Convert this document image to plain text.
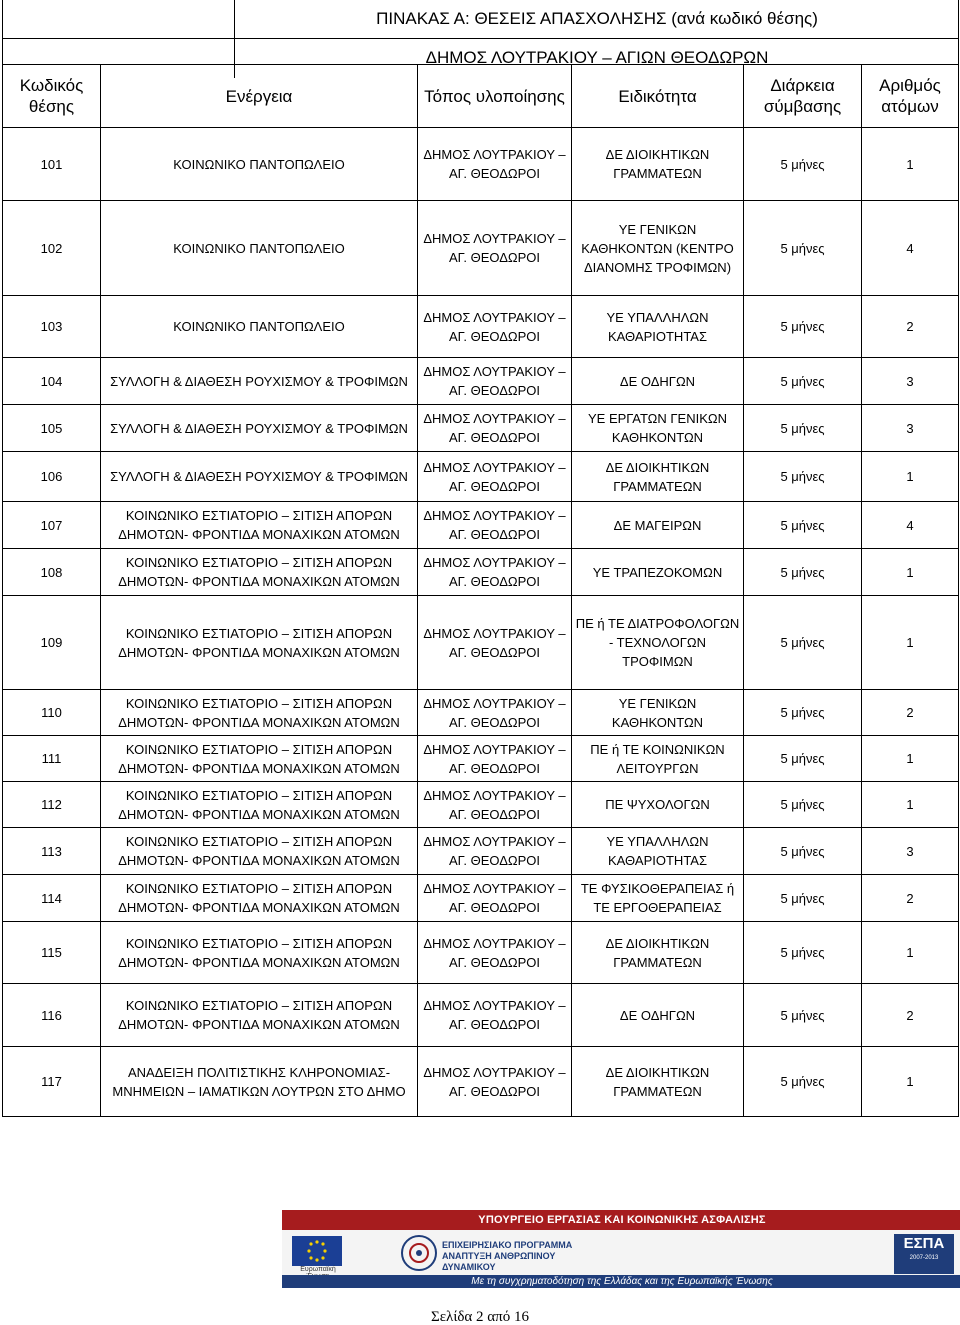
ΠΙΝΑΚΑΣ Α: ΘΕΣΕΙΣ ΑΠΑΣΧΟΛΗΣΗΣ (ανά κωδικό θέσης)
ΔΗΜΟΣ ΛΟΥΤΡΑΚΙΟΥ – ΑΓΙΩΝ ΘΕΟΔΩΡΩΝ
Κωδικός θέσης	Ενέργεια	Τόπος υλοποίησης	Ειδικότητα	Διάρκεια σύμβασης	Αριθμός ατόμων
101	ΚΟΙΝΩΝΙΚΟ ΠΑΝΤΟΠΩΛΕΙΟ	ΔΗΜΟΣ ΛΟΥΤΡΑΚΙΟΥ – ΑΓ. ΘΕΟΔΩΡΟΙ	ΔΕ ΔΙΟΙΚΗΤΙΚΩΝ ΓΡΑΜΜΑΤΕΩΝ	5 μήνες	1
102	ΚΟΙΝΩΝΙΚΟ ΠΑΝΤΟΠΩΛΕΙΟ	ΔΗΜΟΣ ΛΟΥΤΡΑΚΙΟΥ – ΑΓ. ΘΕΟΔΩΡΟΙ	ΥΕ ΓΕΝΙΚΩΝ ΚΑΘΗΚΟΝΤΩΝ (ΚΕΝΤΡΟ ΔΙΑΝΟΜΗΣ ΤΡΟΦΙΜΩΝ)	5 μήνες	4
103	ΚΟΙΝΩΝΙΚΟ ΠΑΝΤΟΠΩΛΕΙΟ	ΔΗΜΟΣ ΛΟΥΤΡΑΚΙΟΥ – ΑΓ. ΘΕΟΔΩΡΟΙ	ΥΕ ΥΠΑΛΛΗΛΩΝ ΚΑΘΑΡΙΟΤΗΤΑΣ	5 μήνες	2
104	ΣΥΛΛΟΓΗ & ΔΙΑΘΕΣΗ ΡΟΥΧΙΣΜΟΥ & ΤΡΟΦΙΜΩΝ	ΔΗΜΟΣ ΛΟΥΤΡΑΚΙΟΥ – ΑΓ. ΘΕΟΔΩΡΟΙ	ΔΕ ΟΔΗΓΩΝ	5 μήνες	3
105	ΣΥΛΛΟΓΗ & ΔΙΑΘΕΣΗ ΡΟΥΧΙΣΜΟΥ & ΤΡΟΦΙΜΩΝ	ΔΗΜΟΣ ΛΟΥΤΡΑΚΙΟΥ – ΑΓ. ΘΕΟΔΩΡΟΙ	ΥΕ ΕΡΓΑΤΩΝ ΓΕΝΙΚΩΝ ΚΑΘΗΚΟΝΤΩΝ	5 μήνες	3
106	ΣΥΛΛΟΓΗ & ΔΙΑΘΕΣΗ ΡΟΥΧΙΣΜΟΥ & ΤΡΟΦΙΜΩΝ	ΔΗΜΟΣ ΛΟΥΤΡΑΚΙΟΥ – ΑΓ. ΘΕΟΔΩΡΟΙ	ΔΕ ΔΙΟΙΚΗΤΙΚΩΝ ΓΡΑΜΜΑΤΕΩΝ	5 μήνες	1
107	ΚΟΙΝΩΝΙΚΟ ΕΣΤΙΑΤΟΡΙΟ – ΣΙΤΙΣΗ ΑΠΟΡΩΝ ΔΗΜΟΤΩΝ- ΦΡΟΝΤΙΔΑ ΜΟΝΑΧΙΚΩΝ ΑΤΟΜΩΝ	ΔΗΜΟΣ ΛΟΥΤΡΑΚΙΟΥ – ΑΓ. ΘΕΟΔΩΡΟΙ	ΔΕ ΜΑΓΕΙΡΩΝ	5 μήνες	4
108	ΚΟΙΝΩΝΙΚΟ ΕΣΤΙΑΤΟΡΙΟ – ΣΙΤΙΣΗ ΑΠΟΡΩΝ ΔΗΜΟΤΩΝ- ΦΡΟΝΤΙΔΑ ΜΟΝΑΧΙΚΩΝ ΑΤΟΜΩΝ	ΔΗΜΟΣ ΛΟΥΤΡΑΚΙΟΥ – ΑΓ. ΘΕΟΔΩΡΟΙ	ΥΕ ΤΡΑΠΕΖΟΚΟΜΩΝ	5 μήνες	1
109	ΚΟΙΝΩΝΙΚΟ ΕΣΤΙΑΤΟΡΙΟ – ΣΙΤΙΣΗ ΑΠΟΡΩΝ ΔΗΜΟΤΩΝ- ΦΡΟΝΤΙΔΑ ΜΟΝΑΧΙΚΩΝ ΑΤΟΜΩΝ	ΔΗΜΟΣ ΛΟΥΤΡΑΚΙΟΥ – ΑΓ. ΘΕΟΔΩΡΟΙ	ΠΕ ή ΤΕ ΔΙΑΤΡΟΦΟΛΟΓΩΝ - ΤΕΧΝΟΛΟΓΩΝ ΤΡΟΦΙΜΩΝ	5 μήνες	1
110	ΚΟΙΝΩΝΙΚΟ ΕΣΤΙΑΤΟΡΙΟ – ΣΙΤΙΣΗ ΑΠΟΡΩΝ ΔΗΜΟΤΩΝ- ΦΡΟΝΤΙΔΑ ΜΟΝΑΧΙΚΩΝ ΑΤΟΜΩΝ	ΔΗΜΟΣ ΛΟΥΤΡΑΚΙΟΥ – ΑΓ. ΘΕΟΔΩΡΟΙ	ΥΕ ΓΕΝΙΚΩΝ ΚΑΘΗΚΟΝΤΩΝ	5 μήνες	2
111	ΚΟΙΝΩΝΙΚΟ ΕΣΤΙΑΤΟΡΙΟ – ΣΙΤΙΣΗ ΑΠΟΡΩΝ ΔΗΜΟΤΩΝ- ΦΡΟΝΤΙΔΑ ΜΟΝΑΧΙΚΩΝ ΑΤΟΜΩΝ	ΔΗΜΟΣ ΛΟΥΤΡΑΚΙΟΥ – ΑΓ. ΘΕΟΔΩΡΟΙ	ΠΕ ή ΤΕ ΚΟΙΝΩΝΙΚΩΝ ΛΕΙΤΟΥΡΓΩΝ	5 μήνες	1
112	ΚΟΙΝΩΝΙΚΟ ΕΣΤΙΑΤΟΡΙΟ – ΣΙΤΙΣΗ ΑΠΟΡΩΝ ΔΗΜΟΤΩΝ- ΦΡΟΝΤΙΔΑ ΜΟΝΑΧΙΚΩΝ ΑΤΟΜΩΝ	ΔΗΜΟΣ ΛΟΥΤΡΑΚΙΟΥ – ΑΓ. ΘΕΟΔΩΡΟΙ	ΠΕ ΨΥΧΟΛΟΓΩΝ	5 μήνες	1
113	ΚΟΙΝΩΝΙΚΟ ΕΣΤΙΑΤΟΡΙΟ – ΣΙΤΙΣΗ ΑΠΟΡΩΝ ΔΗΜΟΤΩΝ- ΦΡΟΝΤΙΔΑ ΜΟΝΑΧΙΚΩΝ ΑΤΟΜΩΝ	ΔΗΜΟΣ ΛΟΥΤΡΑΚΙΟΥ – ΑΓ. ΘΕΟΔΩΡΟΙ	ΥΕ ΥΠΑΛΛΗΛΩΝ ΚΑΘΑΡΙΟΤΗΤΑΣ	5 μήνες	3
114	ΚΟΙΝΩΝΙΚΟ ΕΣΤΙΑΤΟΡΙΟ – ΣΙΤΙΣΗ ΑΠΟΡΩΝ ΔΗΜΟΤΩΝ- ΦΡΟΝΤΙΔΑ ΜΟΝΑΧΙΚΩΝ ΑΤΟΜΩΝ	ΔΗΜΟΣ ΛΟΥΤΡΑΚΙΟΥ – ΑΓ. ΘΕΟΔΩΡΟΙ	ΤΕ ΦΥΣΙΚΟΘΕΡΑΠΕΙΑΣ ή ΤΕ ΕΡΓΟΘΕΡΑΠΕΙΑΣ	5 μήνες	2
115	ΚΟΙΝΩΝΙΚΟ ΕΣΤΙΑΤΟΡΙΟ – ΣΙΤΙΣΗ ΑΠΟΡΩΝ ΔΗΜΟΤΩΝ- ΦΡΟΝΤΙΔΑ ΜΟΝΑΧΙΚΩΝ ΑΤΟΜΩΝ	ΔΗΜΟΣ ΛΟΥΤΡΑΚΙΟΥ – ΑΓ. ΘΕΟΔΩΡΟΙ	ΔΕ ΔΙΟΙΚΗΤΙΚΩΝ ΓΡΑΜΜΑΤΕΩΝ	5 μήνες	1
116	ΚΟΙΝΩΝΙΚΟ ΕΣΤΙΑΤΟΡΙΟ – ΣΙΤΙΣΗ ΑΠΟΡΩΝ ΔΗΜΟΤΩΝ- ΦΡΟΝΤΙΔΑ ΜΟΝΑΧΙΚΩΝ ΑΤΟΜΩΝ	ΔΗΜΟΣ ΛΟΥΤΡΑΚΙΟΥ – ΑΓ. ΘΕΟΔΩΡΟΙ	ΔΕ ΟΔΗΓΩΝ	5 μήνες	2
117	ΑΝΑΔΕΙΞΗ ΠΟΛΙΤΙΣΤΙΚΗΣ ΚΛΗΡΟΝΟΜΙΑΣ- ΜΝΗΜΕΙΩΝ – ΙΑΜΑΤΙΚΩΝ ΛΟΥΤΡΩΝ ΣΤΟ ΔΗΜΟ	ΔΗΜΟΣ ΛΟΥΤΡΑΚΙΟΥ – ΑΓ. ΘΕΟΔΩΡΟΙ	ΔΕ ΔΙΟΙΚΗΤΙΚΩΝ ΓΡΑΜΜΑΤΕΩΝ	5 μήνες	1
ΥΠΟΥΡΓΕΙΟ ΕΡΓΑΣΙΑΣ ΚΑΙ ΚΟΙΝΩΝΙΚΗΣ ΑΣΦΑΛΙΣΗΣ
Ευρωπαϊκή
ΕΠΙΧΕΙΡΗΣΙΑΚΟ ΠΡΟΓΡΑΜΜΑ ΑΝΑΠΤΥΞΗ ΑΝΘΡΩΠΙΝΟΥ ΔΥΝΑΜΙΚΟΥ
ΕΣΠΑ
2007-2013
Με τη συγχρηματοδότηση της Ελλάδας και της Ευρωπαϊκής Ένωσης
Σελίδα 2 από 16
